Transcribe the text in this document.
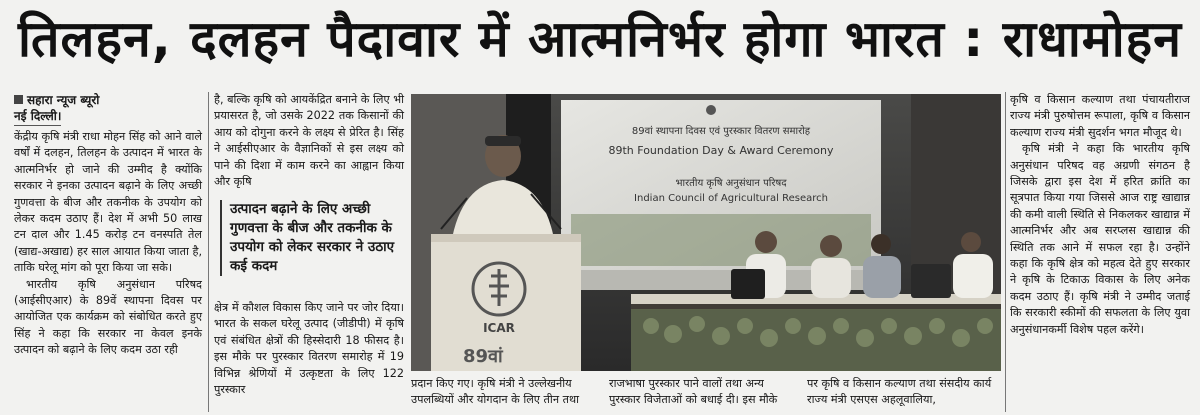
तिलहन, दलहन पैदावार में आत्मनिर्भर होगा भारत : राधामोहन
सहारा न्यूज ब्यूरो
नई दिल्ली।

केंद्रीय कृषि मंत्री राधा मोहन सिंह को आने वाले वर्षों में दलहन, तिलहन के उत्पादन में भारत के आत्मनिर्भर हो जाने की उम्मीद है क्योंकि सरकार ने इनका उत्पादन बढ़ाने के लिए अच्छी गुणवत्ता के बीज और तकनीक के उपयोग को लेकर कदम उठाए हैं। देश में अभी 50 लाख टन दाल और 1.45 करोड़ टन वनस्पति तेल (खाद्य-अखाद्य) हर साल आयात किया जाता है, ताकि घरेलू मांग को पूरा किया जा सके।

भारतीय कृषि अनुसंधान परिषद (आईसीएआर) के 89वें स्थापना दिवस पर आयोजित एक कार्यक्रम को संबोधित करते हुए सिंह ने कहा कि सरकार ना केवल इनके उत्पादन को बढ़ाने के लिए कदम उठा रही

है, बल्कि कृषि को आयकेंद्रित बनाने के लिए भी प्रयासरत है, जो उसके 2022 तक किसानों की आय को दोगुना करने के लक्ष्य से प्रेरित है। सिंह ने आईसीएआर के वैज्ञानिकों से इस लक्ष्य को पाने की दिशा में काम करने का आह्वान किया और कृषि

उत्पादन बढ़ाने के लिए अच्छी गुणवत्ता के बीज और तकनीक के उपयोग को लेकर सरकार ने उठाए कई कदम

क्षेत्र में कौशल विकास किए जाने पर जोर दिया। भारत के सकल घरेलू उत्पाद (जीडीपी) में कृषि एवं संबंधित क्षेत्रों की हिस्सेदारी 18 फीसद है। इस मौके पर पुरस्कार वितरण समारोह में 19 विभिन्न श्रेणियों में उत्कृष्टता के लिए 122 पुरस्कार

89वां स्थापना दिवस एवं पुरस्कार वितरण समारोह
89th Foundation Day & Award Ceremony
भारतीय कृषि अनुसंधान परिषद
Indian Council of Agricultural Research
ICAR
89वां
प्रदान किए गए। कृषि मंत्री ने उल्लेखनीय उपलब्धियों और योगदान के लिए तीन तथा
राजभाषा पुरस्कार पाने वालों तथा अन्य पुरस्कार विजेताओं को बधाई दी। इस मौके
पर कृषि व किसान कल्याण तथा संसदीय कार्य राज्य मंत्री एसएस अहलूवालिया,

कृषि व किसान कल्याण तथा पंचायतीराज राज्य मंत्री पुरुषोत्तम रूपाला, कृषि व किसान कल्याण राज्य मंत्री सुदर्शन भगत मौजूद थे।

कृषि मंत्री ने कहा कि भारतीय कृषि अनुसंधान परिषद वह अग्रणी संगठन है जिसके द्वारा इस देश में हरित क्रांति का सूत्रपात किया गया जिससे आज राष्ट्र खाद्यान्न की कमी वाली स्थिति से निकलकर खाद्यान्न में आत्मनिर्भर और अब सरप्लस खाद्यान्न की स्थिति तक आने में सफल रहा है। उन्होंने कहा कि कृषि क्षेत्र को महत्व देते हुए सरकार ने कृषि के टिकाऊ विकास के लिए अनेक कदम उठाए हैं। कृषि मंत्री ने उम्मीद जताई कि सरकारी स्कीमों की सफलता के लिए युवा अनुसंधानकर्मी विशेष पहल करेंगे।
